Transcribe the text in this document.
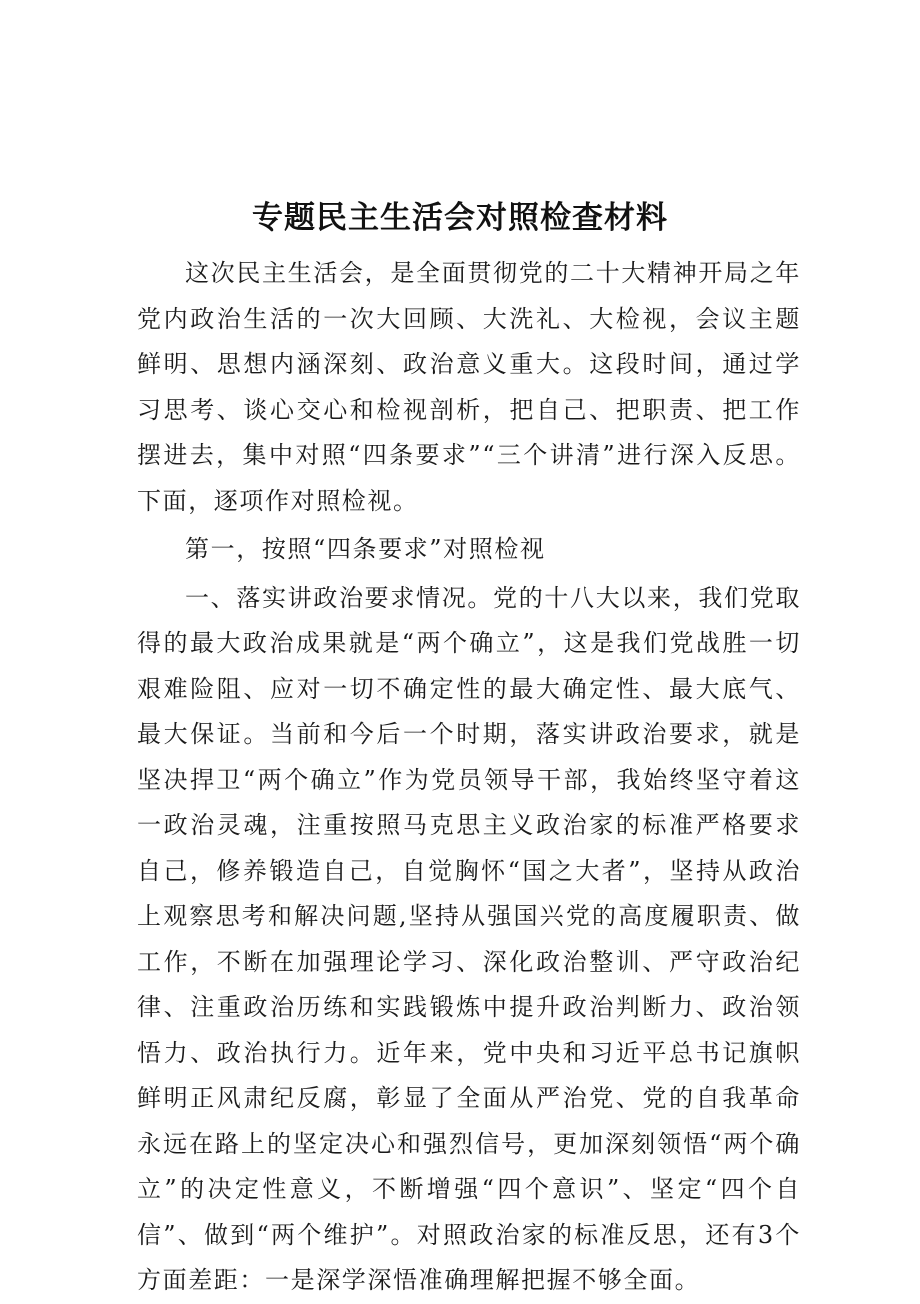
专题民主生活会对照检查材料

这次民主生活会，是全面贯彻党的二十大精神开局之年党内政治生活的一次大回顾、大洗礼、大检视，会议主题鲜明、思想内涵深刻、政治意义重大。这段时间，通过学习思考、谈心交心和检视剖析，把自己、把职责、把工作摆进去，集中对照“四条要求”“三个讲清”进行深入反思。下面，逐项作对照检视。

第一，按照“四条要求”对照检视

一、落实讲政治要求情况。党的十八大以来，我们党取得的最大政治成果就是“两个确立”，这是我们党战胜一切艰难险阻、应对一切不确定性的最大确定性、最大底气、最大保证。当前和今后一个时期，落实讲政治要求，就是坚决捍卫“两个确立”作为党员领导干部，我始终坚守着这一政治灵魂，注重按照马克思主义政治家的标准严格要求自己，修养锻造自己，自觉胸怀“国之大者”，坚持从政治上观察思考和解决问题,坚持从强国兴党的高度履职责、做工作，不断在加强理论学习、深化政治整训、严守政治纪律、注重政治历练和实践锻炼中提升政治判断力、政治领悟力、政治执行力。近年来，党中央和习近平总书记旗帜鲜明正风肃纪反腐，彰显了全面从严治党、党的自我革命永远在路上的坚定决心和强烈信号，更加深刻领悟“两个确立”的决定性意义，不断增强“四个意识”、坚定“四个自信”、做到“两个维护”。对照政治家的标准反思，还有3个方面差距：一是深学深悟准确理解把握不够全面。
